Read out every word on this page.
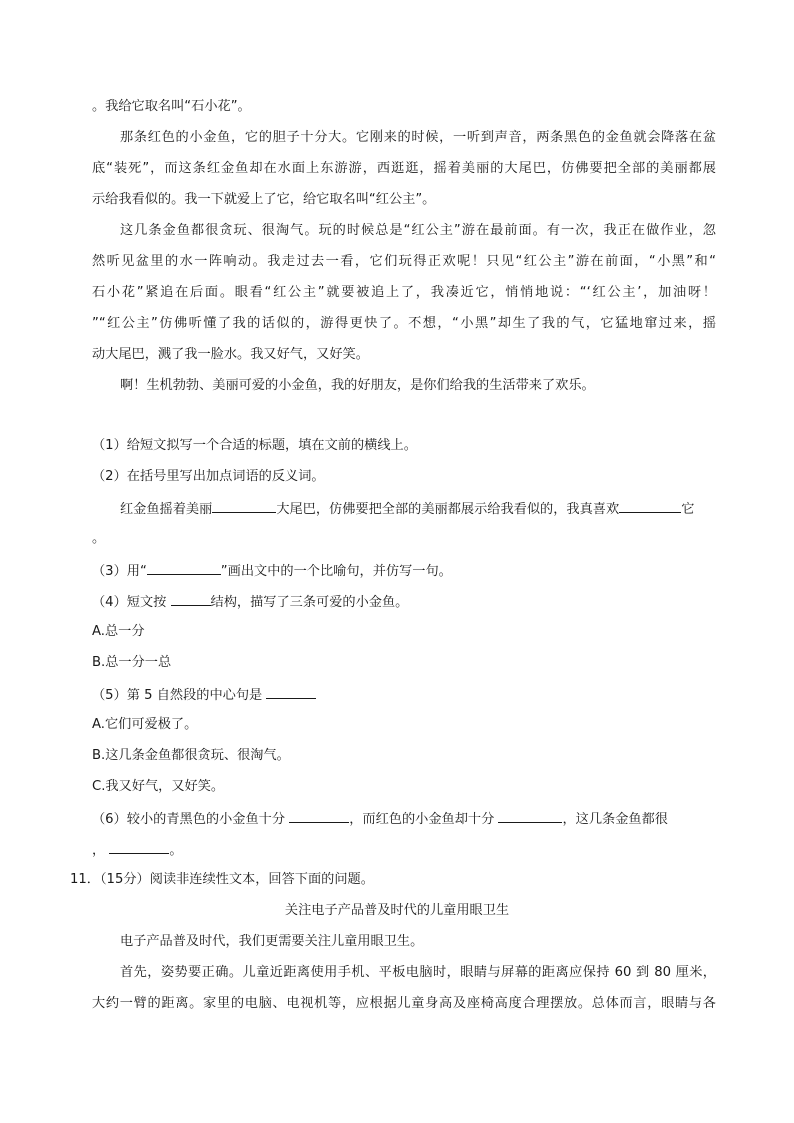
。我给它取名叫“石小花”。
那条红色的小金鱼，它的胆子十分大。它刚来的时候，一听到声音，两条黑色的金鱼就会降落在盆
底“装死”，而这条红金鱼却在水面上东游游，西逛逛，摇着美丽的大尾巴，仿佛要把全部的美丽都展
示给我看似的。我一下就爱上了它，给它取名叫“红公主”。
这几条金鱼都很贪玩、很淘气。玩的时候总是“红公主”游在最前面。有一次，我正在做作业，忽
然听见盆里的水一阵响动。我走过去一看，它们玩得正欢呢！只见“红公主”游在前面，“小黑”和“
石小花”紧追在后面。眼看“红公主”就要被追上了，我凑近它，悄悄地说：“‘红公主’，加油呀！
”“红公主”仿佛听懂了我的话似的，游得更快了。不想，“小黑”却生了我的气，它猛地窜过来，摇
动大尾巴，溅了我一脸水。我又好气，又好笑。
啊！生机勃勃、美丽可爱的小金鱼，我的好朋友，是你们给我的生活带来了欢乐。
（1）给短文拟写一个合适的标题，填在文前的横线上。
（2）在括号里写出加点词语的反义词。
红金鱼摇着美丽	大尾巴，仿佛要把全部的美丽都展示给我看似的，我真喜欢	它
。
（3）用“	”画出文中的一个比喻句，并仿写一句。
（4）短文按	结构，描写了三条可爱的小金鱼。
A.总一分
B.总一分一总
（5）第 5 自然段的中心句是
A.它们可爱极了。
B.这几条金鱼都很贪玩、很淘气。
C.我又好气，又好笑。
（6）较小的青黑色的小金鱼十分	，而红色的小金鱼却十分	，这几条金鱼都很
，	。
11．（15分）阅读非连续性文本，回答下面的问题。
关注电子产品普及时代的儿童用眼卫生
电子产品普及时代，我们更需要关注儿童用眼卫生。
首先，姿势要正确。儿童近距离使用手机、平板电脑时，眼睛与屏幕的距离应保持 60 到 80 厘米，
大约一臂的距离。家里的电脑、电视机等，应根据儿童身高及座椅高度合理摆放。总体而言，眼睛与各
